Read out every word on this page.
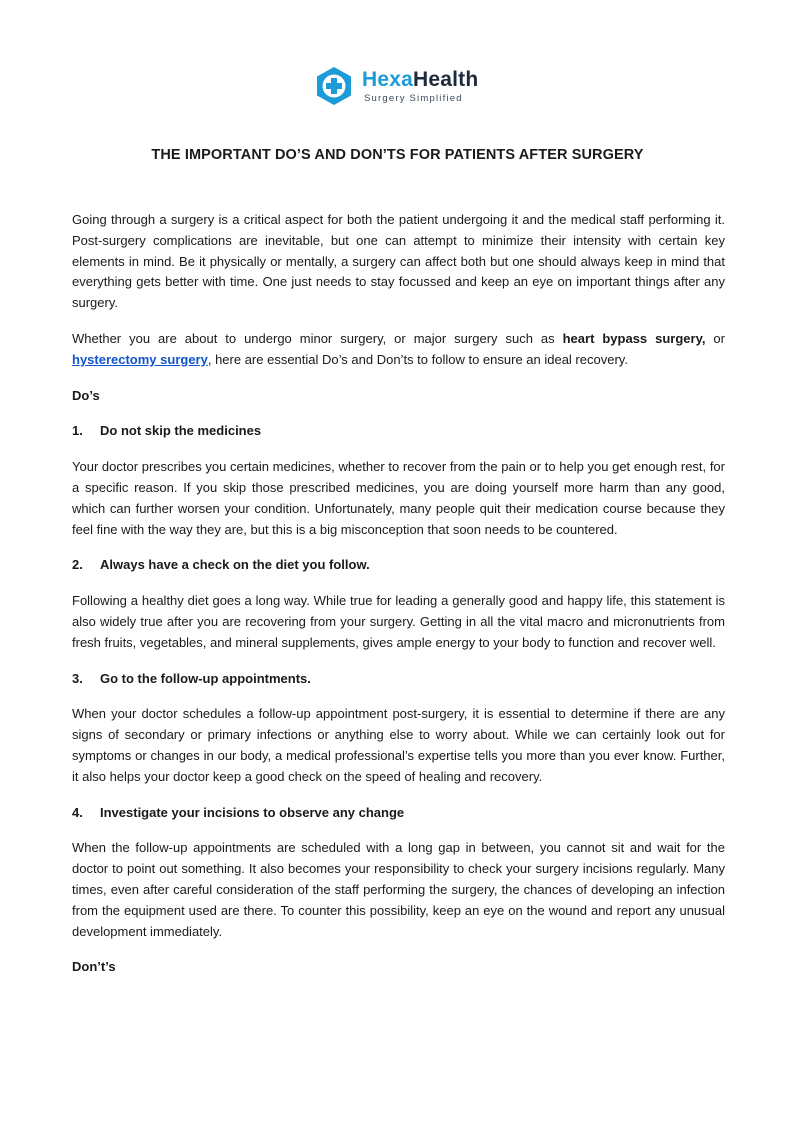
HexaHealth
Surgery Simplified
THE IMPORTANT DO’S AND DON’TS FOR PATIENTS AFTER SURGERY

Going through a surgery is a critical aspect for both the patient undergoing it and the medical staff performing it. Post-surgery complications are inevitable, but one can attempt to minimize their intensity with certain key elements in mind. Be it physically or mentally, a surgery can affect both but one should always keep in mind that everything gets better with time. One just needs to stay focussed and keep an eye on important things after any surgery.

Whether you are about to undergo minor surgery, or major surgery such as heart bypass surgery, or hysterectomy surgery, here are essential Do’s and Don’ts to follow to ensure an ideal recovery.

Do’s

1.	Do not skip the medicines

Your doctor prescribes you certain medicines, whether to recover from the pain or to help you get enough rest, for a specific reason. If you skip those prescribed medicines, you are doing yourself more harm than any good, which can further worsen your condition. Unfortunately, many people quit their medication course because they feel fine with the way they are, but this is a big misconception that soon needs to be countered.

2.	Always have a check on the diet you follow.

Following a healthy diet goes a long way. While true for leading a generally good and happy life, this statement is also widely true after you are recovering from your surgery. Getting in all the vital macro and micronutrients from fresh fruits, vegetables, and mineral supplements, gives ample energy to your body to function and recover well.

3.	Go to the follow-up appointments.

When your doctor schedules a follow-up appointment post-surgery, it is essential to determine if there are any signs of secondary or primary infections or anything else to worry about. While we can certainly look out for symptoms or changes in our body, a medical professional’s expertise tells you more than you ever know. Further, it also helps your doctor keep a good check on the speed of healing and recovery.

4.	Investigate your incisions to observe any change

When the follow-up appointments are scheduled with a long gap in between, you cannot sit and wait for the doctor to point out something. It also becomes your responsibility to check your surgery incisions regularly. Many times, even after careful consideration of the staff performing the surgery, the chances of developing an infection from the equipment used are there. To counter this possibility, keep an eye on the wound and report any unusual development immediately.

Don’t’s
